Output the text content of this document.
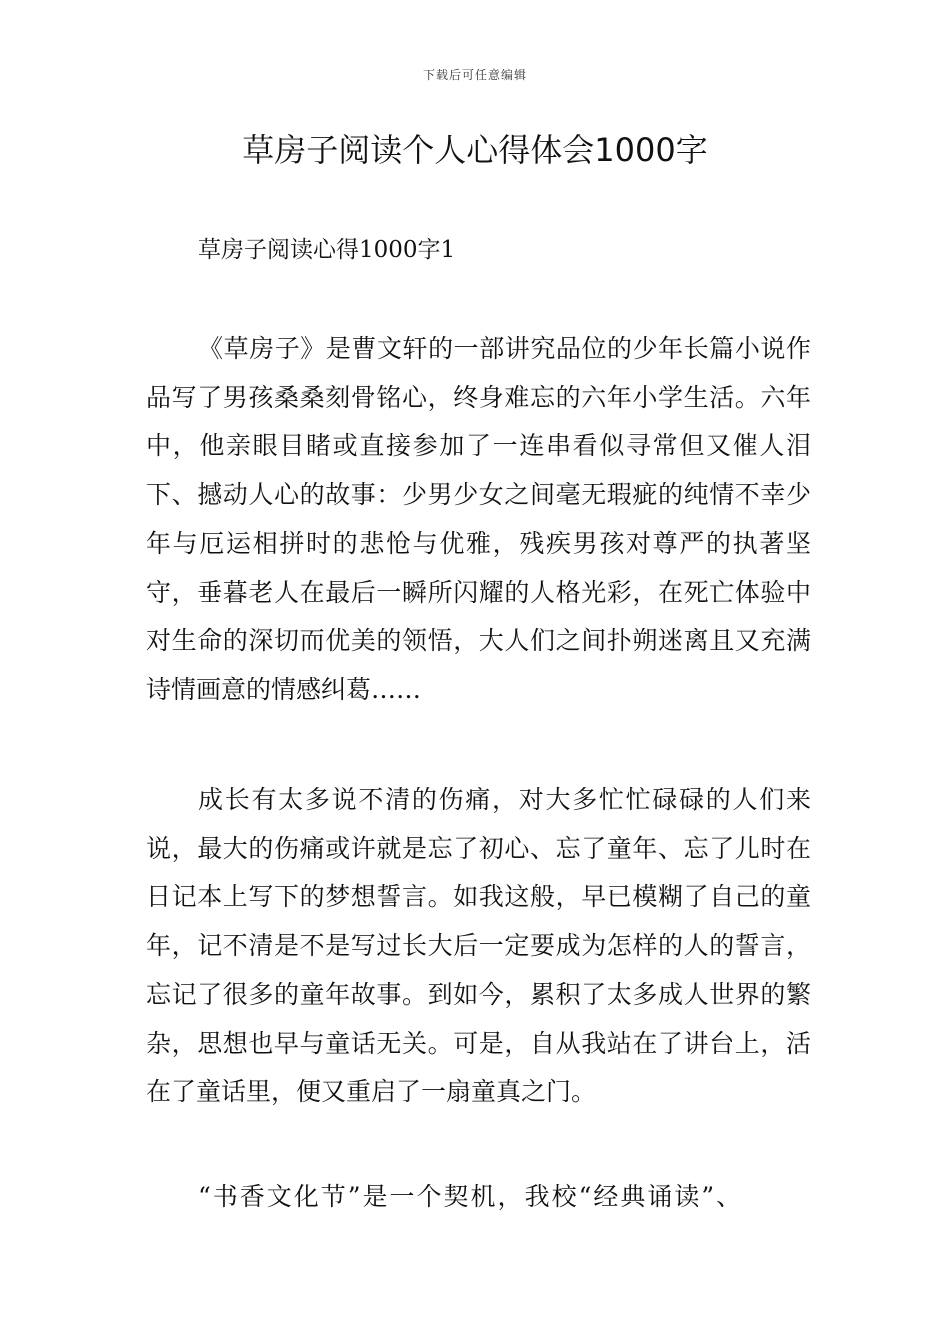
下载后可任意编辑
草房子阅读个人心得体会1000字

草房子阅读心得1000字1

《草房子》是曹文轩的一部讲究品位的少年长篇小说作品写了男孩桑桑刻骨铭心，终身难忘的六年小学生活。六年中，他亲眼目睹或直接参加了一连串看似寻常但又催人泪下、撼动人心的故事：少男少女之间毫无瑕疵的纯情不幸少年与厄运相拼时的悲怆与优雅，残疾男孩对尊严的执著坚守，垂暮老人在最后一瞬所闪耀的人格光彩，在死亡体验中对生命的深切而优美的领悟，大人们之间扑朔迷离且又充满诗情画意的情感纠葛……

成长有太多说不清的伤痛，对大多忙忙碌碌的人们来说，最大的伤痛或许就是忘了初心、忘了童年、忘了儿时在日记本上写下的梦想誓言。如我这般，早已模糊了自己的童年，记不清是不是写过长大后一定要成为怎样的人的誓言，忘记了很多的童年故事。到如今，累积了太多成人世界的繁杂，思想也早与童话无关。可是，自从我站在了讲台上，活在了童话里，便又重启了一扇童真之门。

“书香文化节”是一个契机，我校“经典诵读”、
